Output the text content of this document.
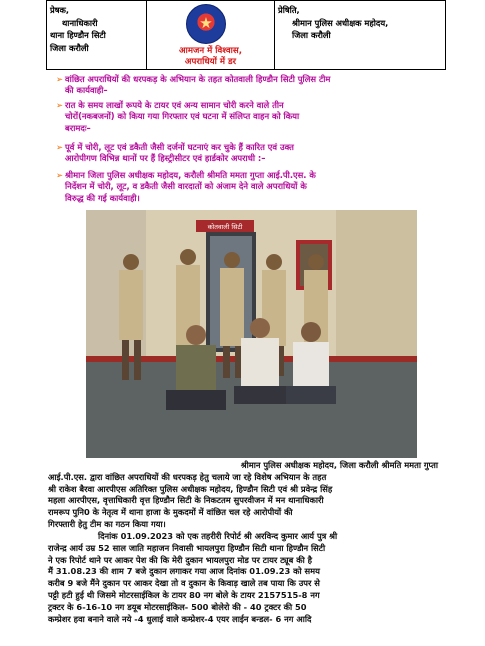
प्रेषक,
थानाधिकारी
थाना हिण्डौन सिटी
जिला करौली
★
आमजन में विश्वास,
अपराधियों में डर
प्रेषिति,
श्रीमान पुलिस अधीक्षक महोदय,
जिला करौली
➢ वांछित अपराधियों की धरपकड़ के अभियान के तहत कोतवाली हिण्डौन सिटी पुलिस टीम
की कार्यवाही–
➢ रात के समय लाखों रूपये के टायर एवं अन्य सामान चोरी करने वाले तीन
चोरों(नकबजनों) को किया गया गिरफ्तार एवं घटना में संलिप्त वाहन को किया
बरामदः–
➢ पूर्व में चोरी, लूट एवं डकैती जैसी दर्जनों घटनाएं कर चुके हैं कारित एवं उक्त
आरोपीगण विभिन्न थानों पर हैं हिस्ट्रीसीटर एवं हार्डकोर अपराधी :–
➢ श्रीमान जिला पुलिस अधीक्षक महोदय, करौली श्रीमति ममता गुप्ता आई.पी.एस. के
निर्देशन में चोरी, लूट, व डकैती जैसी वारदातों को अंजाम देने वाले अपराधियों के
विरुद्ध की गई कार्यवाही।
कोतवाली सिटी
श्रीमान पुलिस अधीक्षक महोदय, जिला करौली श्रीमति ममता गुप्ता
आई.पी.एस. द्वारा वांछित अपराधियों की धरपकड़ हेतु चलाये जा रहे विशेष अभियान के तहत
श्री राकेश बैरवा आरपीएस अतिरिक्त पुलिस अधीक्षक महोदय, हिण्डौन सिटी एवं श्री प्रवेन्द्र सिंह
महला आरपीएस, वृत्ताधिकारी वृत्त हिण्डौन सिटी के निकटतम सुपरवीजन में मन थानाधिकारी
रामरूप पुनि0 के नेतृत्व में थाना हाजा के मुकदमों में वांछित चल रहे आरोपीयों की
गिरफ्तारी हेतु टीम का गठन किया गया।
दिनांक 01.09.2023 को एक तहरीरी रिपोर्ट श्री अरविन्द कुमार आर्य पुत्र श्री
राजेन्द्र आर्य उम्र 52 साल जाति महाजन निवासी भायलपुरा हिण्डौन सिटी थाना हिण्डौन सिटी
ने एक रिपोर्ट थाने पर आकर पेश की कि मेरी दुकान भायलपुरा मोड पर टायर ट्यूब की है
मैं 31.08.23 की शाम 7 बजे दुकान लगाकर गया आज दिनांक 01.09.23 को समय
करीब 9 बजे मैंने दुकान पर आकर देखा तो व दुकान के किवाड़ खाले तब पाया कि उपर से
पट्टी हटी हुई थी जिसमे मोटरसाईकिल के टायर 80 नग बोले के टायर 2157515-8 नग
ट्रक्टर के 6-16-10 नग डयूब मोटरसाईकिल- 500 बोलेरो की - 40 ट्रक्टर की 50
कम्प्रेशर हवा बनाने वाले नये -4 धुलाई वाले कम्प्रेशर-4 एयर लाईन बन्डल- 6 नग आदि
